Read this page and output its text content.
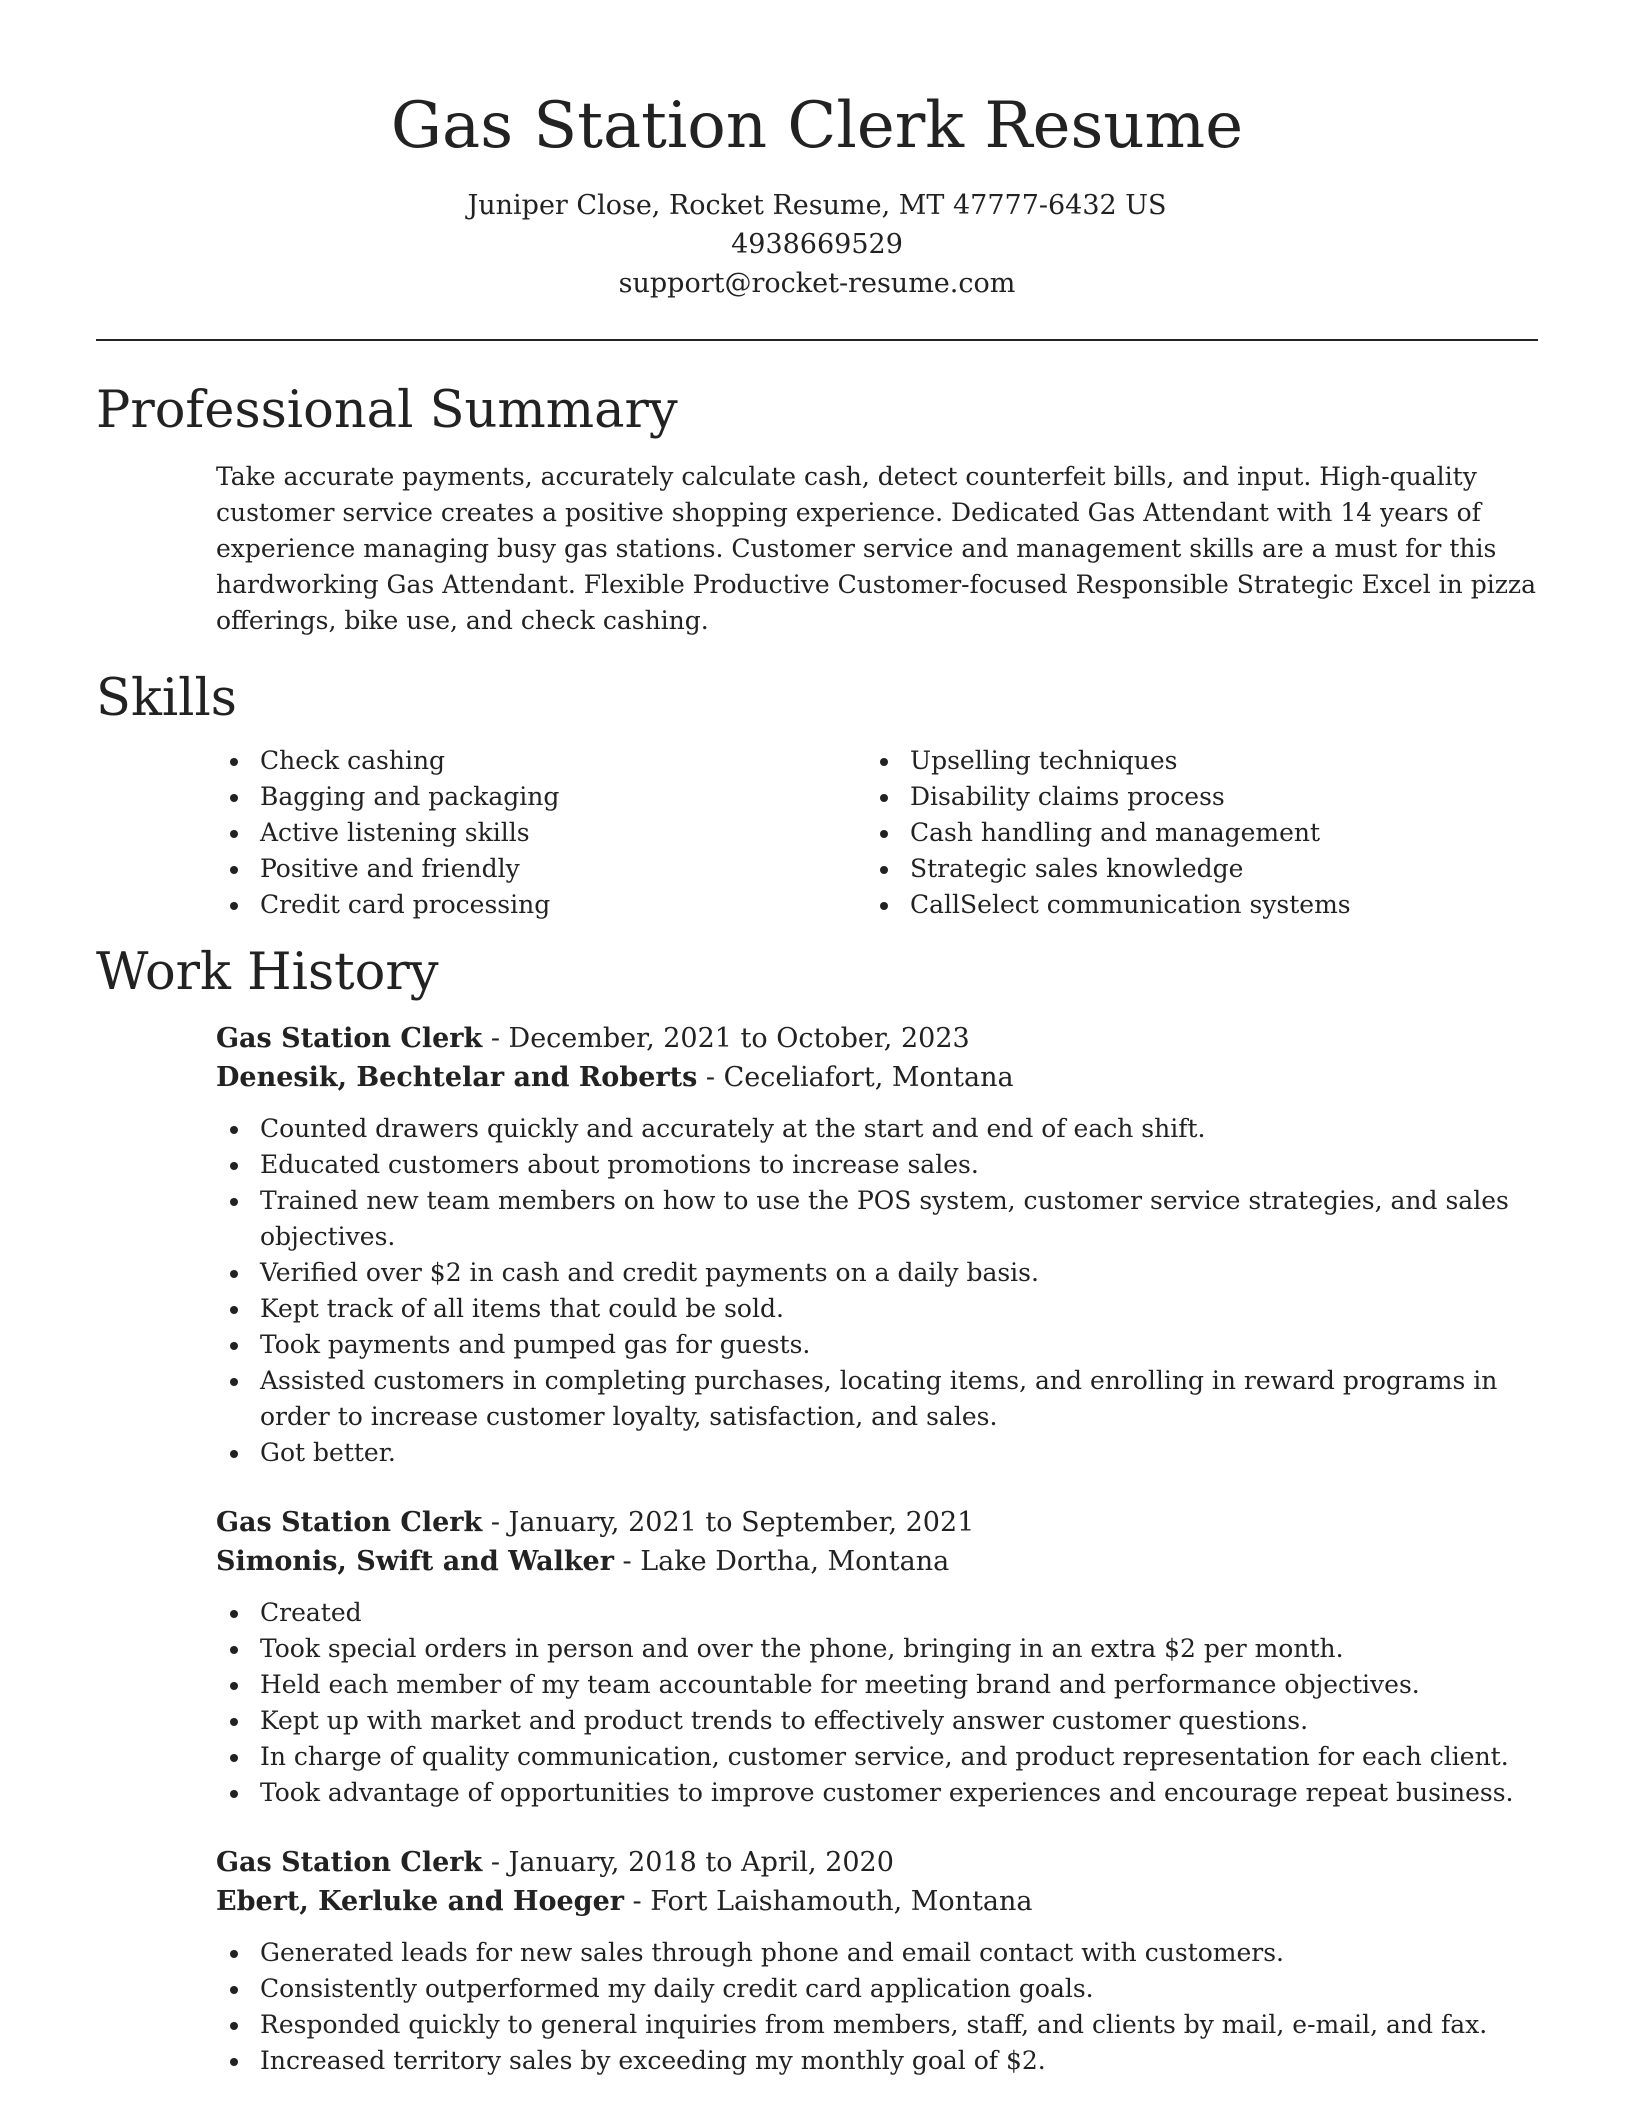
Gas Station Clerk Resume
Juniper Close, Rocket Resume, MT 47777-6432 US
4938669529
support@rocket-resume.com
Professional Summary

Take accurate payments, accurately calculate cash, detect counterfeit bills, and input. High-quality customer service creates a positive shopping experience. Dedicated Gas Attendant with 14 years of experience managing busy gas stations. Customer service and management skills are a must for this hardworking Gas Attendant. Flexible Productive Customer-focused Responsible Strategic Excel in pizza offerings, bike use, and check cashing.

Skills
Check cashing
Bagging and packaging
Active listening skills
Positive and friendly
Credit card processing
Upselling techniques
Disability claims process
Cash handling and management
Strategic sales knowledge
CallSelect communication systems
Work History
Gas Station Clerk - December, 2021 to October, 2023
Denesik, Bechtelar and Roberts - Ceceliafort, Montana
Counted drawers quickly and accurately at the start and end of each shift.
Educated customers about promotions to increase sales.
Trained new team members on how to use the POS system, customer service strategies, and sales objectives.
Verified over $2 in cash and credit payments on a daily basis.
Kept track of all items that could be sold.
Took payments and pumped gas for guests.
Assisted customers in completing purchases, locating items, and enrolling in reward programs in order to increase customer loyalty, satisfaction, and sales.
Got better.
Gas Station Clerk - January, 2021 to September, 2021
Simonis, Swift and Walker - Lake Dortha, Montana
Created
Took special orders in person and over the phone, bringing in an extra $2 per month.
Held each member of my team accountable for meeting brand and performance objectives.
Kept up with market and product trends to effectively answer customer questions.
In charge of quality communication, customer service, and product representation for each client.
Took advantage of opportunities to improve customer experiences and encourage repeat business.
Gas Station Clerk - January, 2018 to April, 2020
Ebert, Kerluke and Hoeger - Fort Laishamouth, Montana
Generated leads for new sales through phone and email contact with customers.
Consistently outperformed my daily credit card application goals.
Responded quickly to general inquiries from members, staff, and clients by mail, e-mail, and fax.
Increased territory sales by exceeding my monthly goal of $2.
